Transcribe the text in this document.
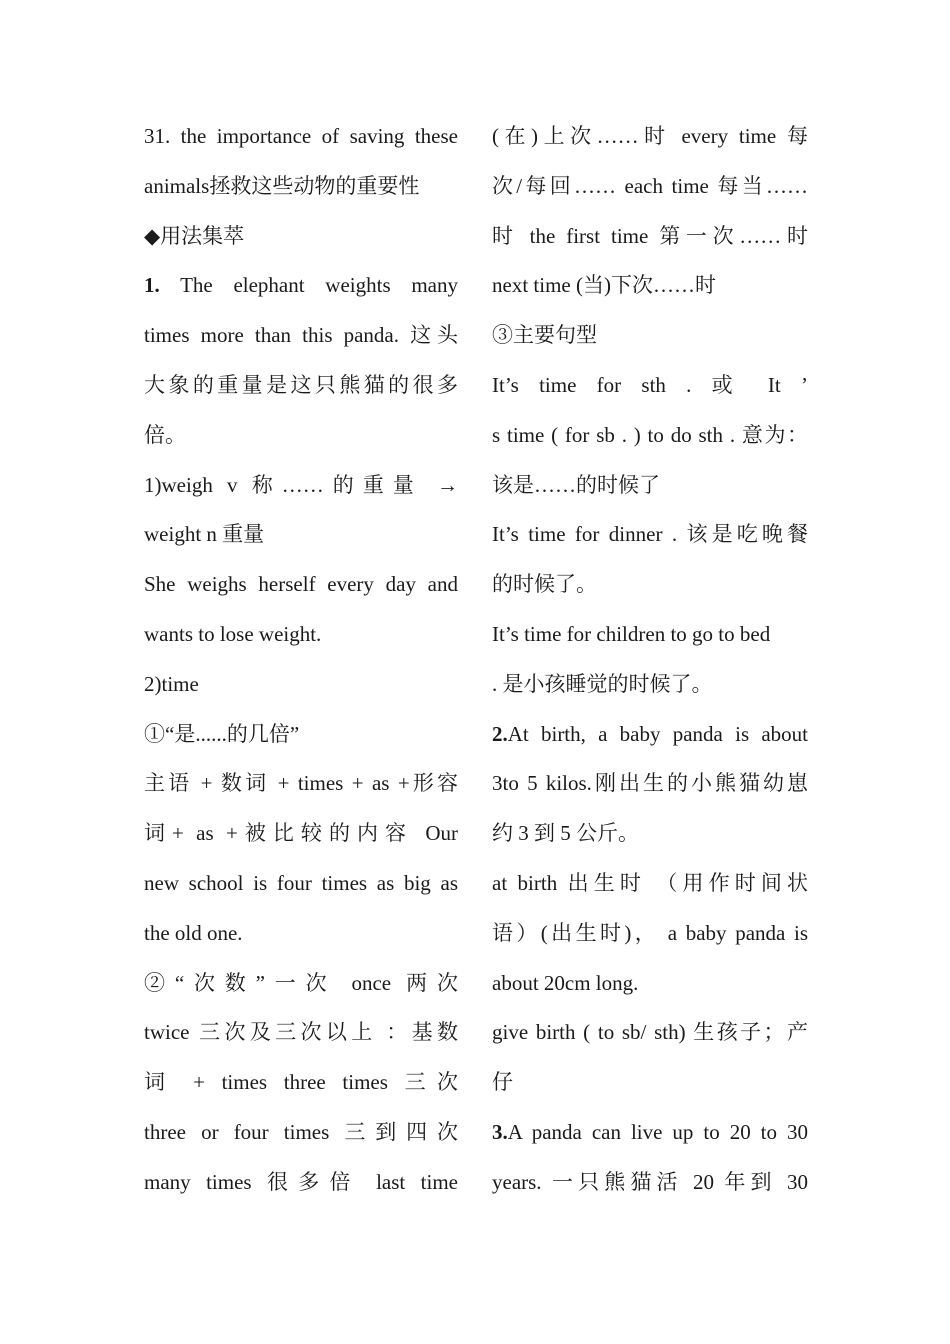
31. the importance of saving these
animals拯救这些动物的重要性
◆用法集萃
1. The elephant weights many
times more than this panda. 这头
大象的重量是这只熊猫的很多
倍。
1)weigh v 称……的重量 →
weight n 重量
She weighs herself every day and
wants to lose weight.
2)time
①“是......的几倍”
主语 + 数词 + times + as +形容
词+ as +被比较的内容 Our
new school is four times as big as
the old one.
②“次数”一次 once 两次
twice 三次及三次以上 ：基数
词 + times three times 三次
three or four times 三到四次
many times 很多倍 last time
(在)上次……时 every time 每
次/每回…… each time 每当……
时 the first time 第一次……时
next time (当)下次……时
③主要句型
It’s time for sth . 或 It ’
s time ( for sb . ) to do sth . 意为：
该是……的时候了
It’s time for dinner . 该是吃晚餐
的时候了。
It’s time for children to go to bed
. 是小孩睡觉的时候了。
2.At birth, a baby panda is about
3to 5 kilos.刚出生的小熊猫幼崽
约 3 到 5 公斤。
at birth 出生时 （用作时间状
语）(出生时)， a baby panda is
about 20cm long.
give birth ( to sb/ sth) 生孩子；产
仔
3.A panda can live up to 20 to 30
years. 一只熊猫活 20 年到 30
